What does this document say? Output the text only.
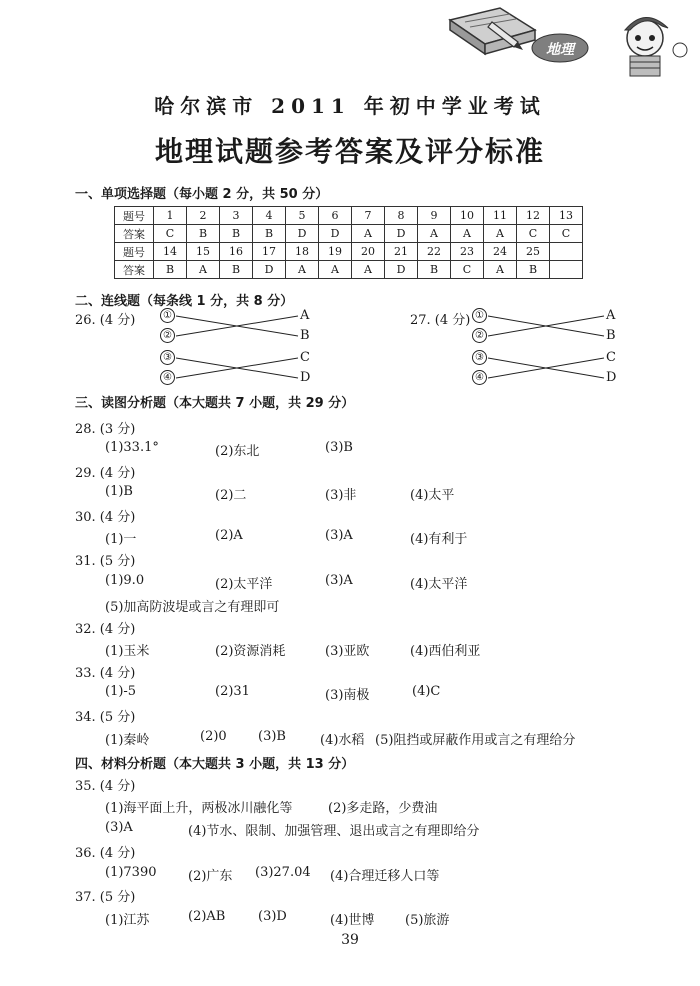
地理
哈尔滨市 2011 年初中学业考试
地理试题参考答案及评分标准
一、单项选择题（每小题 2 分，共 50 分）
题号	1	2	3	4	5	6	7	8	9	10	11	12	13
答案	C	B	B	B	D	D	A	D	A	A	A	C	C
题号	14	15	16	17	18	19	20	21	22	23	24	25	
答案	B	A	B	D	A	A	A	D	B	C	A	B	
二、连线题（每条线 1 分，共 8 分）
26. (4 分)	①
②
③
④
A
B
C
D
27. (4 分) ①
②
③
④
A
B
C
D
三、读图分析题（本大题共 7 小题，共 29 分）
四、材料分析题（本大题共 3 小题，共 13 分）
28. (3 分)
(1)33.1°	(2)东北	(3)B
29. (4 分)
(1)B	(2)二	(3)非	(4)太平
30. (4 分)
(1)一	(2)A	(3)A	(4)有利于
31. (5 分)
(1)9.0	(2)太平洋	(3)A	(4)太平洋
(5)加高防波堤或言之有理即可
32. (4 分)
(1)玉米	(2)资源消耗	(3)亚欧	(4)西伯利亚
33. (4 分)
(1)-5	(2)31	(3)南极	(4)C
34. (5 分)
(1)秦岭	(2)0 (3)B	(4)水稻 (5)阻挡或屏蔽作用或言之有理给分
35. (4 分)
(1)海平面上升，两极冰川融化等	(2)多走路，少费油
(3)A	(4)节水、限制、加强管理、退出或言之有理即给分
36. (4 分)
(1)7390 (2)广东 (3)27.04 (4)合理迁移人口等
37. (5 分)
(1)江苏	(2)AB	(3)D	(4)世博 (5)旅游
39
